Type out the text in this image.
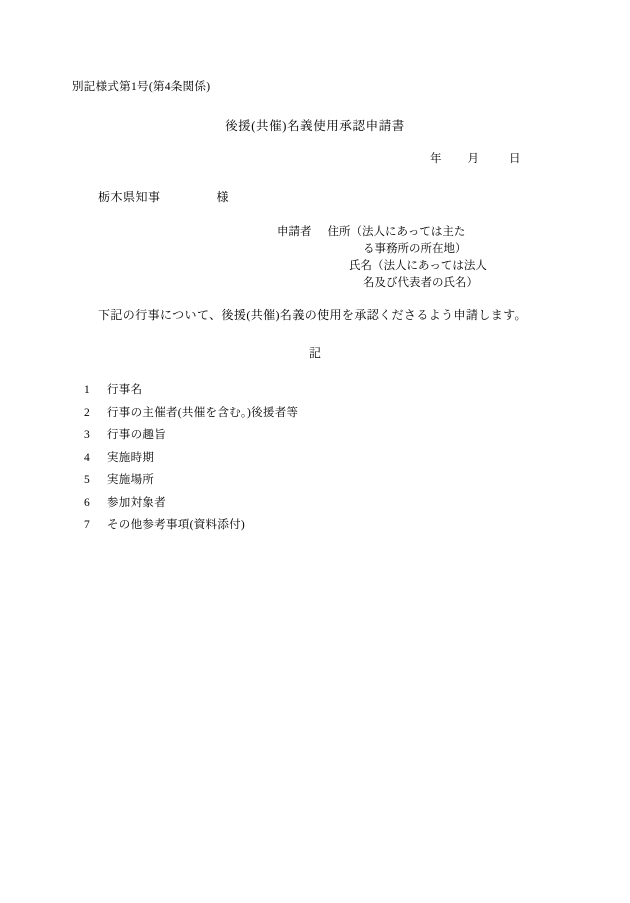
別記様式第1号(第4条関係)
後援(共催)名義使用承認申請書
年 月	日
栃木県知事	様
申請者 住所（法人にあっては主た
る事務所の所在地）
氏名（法人にあっては法人
名及び代表者の氏名）
下記の行事について、後援(共催)名義の使用を承認くださるよう申請します。
記
1	行事名
2	行事の主催者(共催を含む。)後援者等
3	行事の趣旨
4	実施時期
5	実施場所
6	参加対象者
7	その他参考事項(資料添付)
